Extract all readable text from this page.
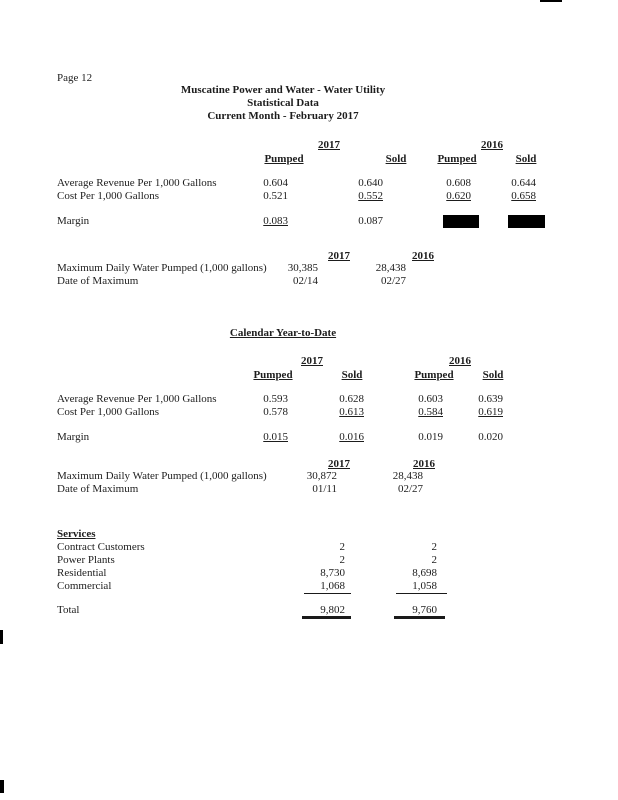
Page 12
Muscatine Power and Water - Water Utility
Statistical Data
Current Month - February 2017
2017	2016
Pumped	Sold	Pumped	Sold
Average Revenue Per 1,000 Gallons	0.604	0.640	0.608	0.644
Cost Per 1,000 Gallons	0.521	0.552	0.620	0.658
Margin	0.083	0.087
2017	2016
Maximum Daily Water Pumped (1,000 gallons)	30,385	28,438
Date of Maximum	02/14	02/27
Calendar Year-to-Date
2017	2016
Pumped	Sold	Pumped	Sold
Average Revenue Per 1,000 Gallons	0.593	0.628	0.603	0.639
Cost Per 1,000 Gallons	0.578	0.613	0.584	0.619
Margin	0.015	0.016	0.019	0.020
2017	2016
Maximum Daily Water Pumped (1,000 gallons)	30,872	28,438
Date of Maximum	01/11	02/27
Services
Contract Customers	2	2
Power Plants	2	2
Residential	8,730	8,698
Commercial	1,068	1,058
Total	9,802	9,760
